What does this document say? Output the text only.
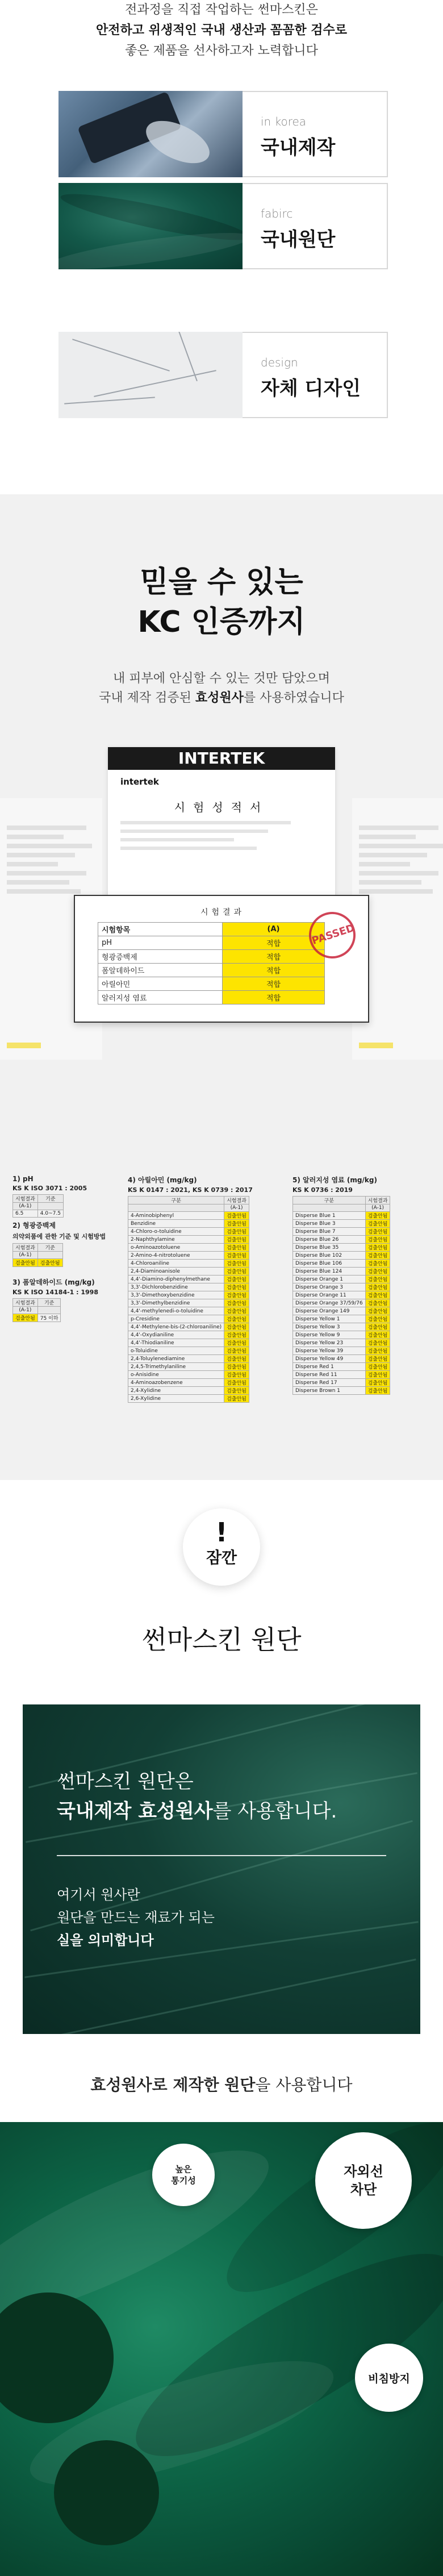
전과정을 직접 작업하는 썬마스킨은
안전하고 위생적인 국내 생산과 꼼꼼한 검수로
좋은 제품을 선사하고자 노력합니다
in korea
국내제작
fabirc
국내원단
design
자체 디자인
믿을 수 있는
KC 인증까지
내 피부에 안심할 수 있는 것만 담았으며
국내 제작 검증된 효성원사를 사용하였습니다
INTERTEK
intertek
시험성적서
시험결과
시험항목	(A)
pH	적합
형광증백제	적합
폼알데하이드	적합
아릴아민	적합
알러지성 염료	적합
PASSED
1) pH
KS K ISO 3071 : 2005
시험결과	기준
(A-1)	
6.5	4.0~7.5
2) 형광증백제
의약외품에 관한 기준 및 시험방법
시험결과	기준
(A-1)	
검출안됨	검출안됨
3) 폼알데하이드 (mg/kg)
KS K ISO 14184-1 : 1998
시험결과	기준
(A-1)	
검출안됨	75 이하
4) 아릴아민 (mg/kg)
KS K 0147 : 2021, KS K 0739 : 2017
구분	시험결과
	(A-1)
4-Aminobiphenyl	검출안됨
Benzidine	검출안됨
4-Chloro-o-toluidine	검출안됨
2-Naphthylamine	검출안됨
o-Aminoazotoluene	검출안됨
2-Amino-4-nitrotoluene	검출안됨
4-Chloroaniline	검출안됨
2,4-Diaminoanisole	검출안됨
4,4'-Diamino-diphenylmethane	검출안됨
3,3'-Dichlorobenzidine	검출안됨
3,3'-Dimethoxybenzidine	검출안됨
3,3'-Dimethylbenzidine	검출안됨
4,4'-methylenedi-o-toluidine	검출안됨
p-Cresidine	검출안됨
4,4'-Methylene-bis-(2-chloroaniline)	검출안됨
4,4'-Oxydianiline	검출안됨
4,4'-Thiodianiline	검출안됨
o-Toluidine	검출안됨
2,4-Toluylenediamine	검출안됨
2,4,5-Trimethylaniline	검출안됨
o-Anisidine	검출안됨
4-Aminoazobenzene	검출안됨
2,4-Xylidine	검출안됨
2,6-Xylidine	검출안됨
5) 알러지성 염료 (mg/kg)
KS K 0736 : 2019
구분	시험결과
	(A-1)
Disperse Blue 1	검출안됨
Disperse Blue 3	검출안됨
Disperse Blue 7	검출안됨
Disperse Blue 26	검출안됨
Disperse Blue 35	검출안됨
Disperse Blue 102	검출안됨
Disperse Blue 106	검출안됨
Disperse Blue 124	검출안됨
Disperse Orange 1	검출안됨
Disperse Orange 3	검출안됨
Disperse Orange 11	검출안됨
Disperse Orange 37/59/76	검출안됨
Disperse Orange 149	검출안됨
Disperse Yellow 1	검출안됨
Disperse Yellow 3	검출안됨
Disperse Yellow 9	검출안됨
Disperse Yellow 23	검출안됨
Disperse Yellow 39	검출안됨
Disperse Yellow 49	검출안됨
Disperse Red 1	검출안됨
Disperse Red 11	검출안됨
Disperse Red 17	검출안됨
Disperse Brown 1	검출안됨
!
잠깐
썬마스킨 원단
썬마스킨 원단은
국내제작 효성원사를 사용합니다.
여기서 원사란
원단을 만드는 재료가 되는
실을 의미합니다
효성원사로 제작한 원단을 사용합니다
높은
통기성
자외선
차단
비침방지
